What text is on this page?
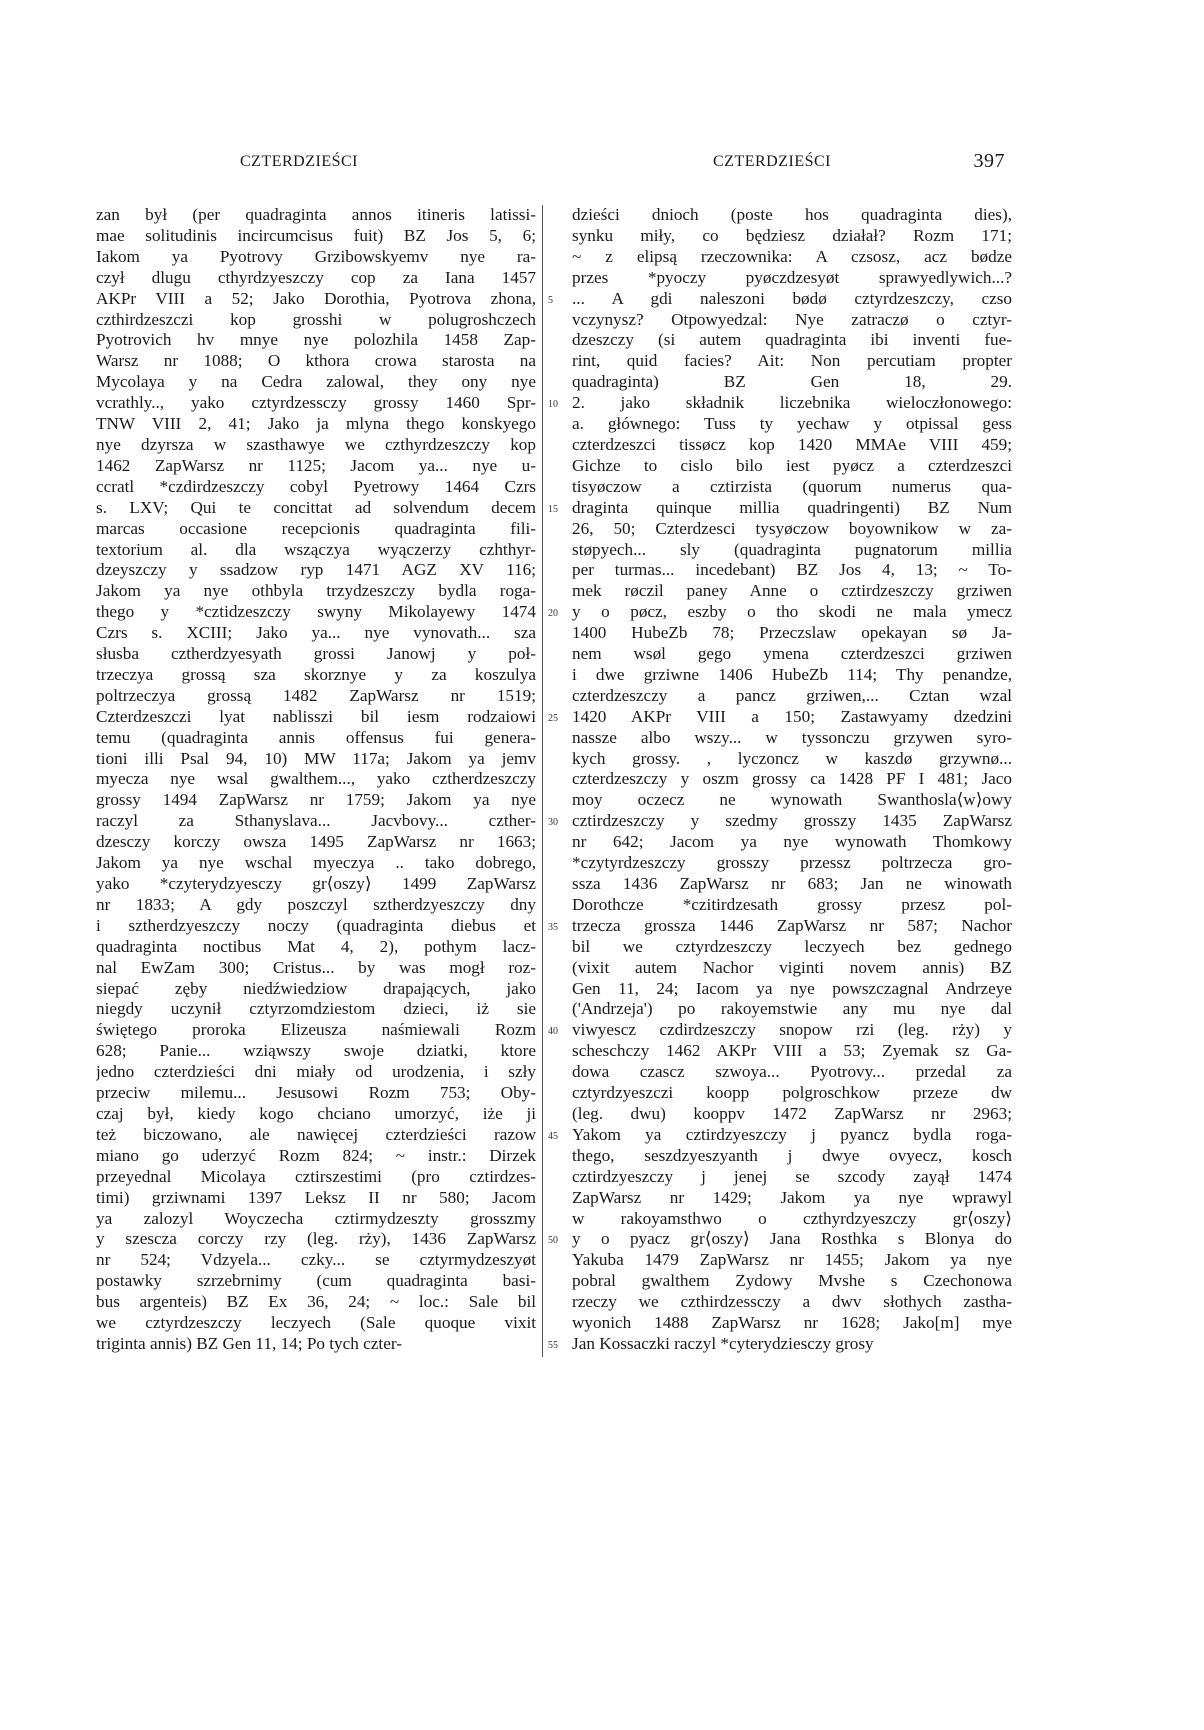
CZTERDZIEŚCI	CZTERDZIEŚCI	397
zan był (per quadraginta annos itineris latissi-
mae solitudinis incircumcisus fuit) BZ Jos 5, 6;
Iakom ya Pyotrovy Grzibowskyemv nye ra-
czył dlugu cthyrdzyeszczy cop za Iana 1457
AKPr VIII a 52; Jako Dorothia, Pyotrova zhona,
czthirdzeszczi kop grosshi w polugroshczech
Pyotrovich hv mnye nye polozhila 1458 Zap-
Warsz nr 1088; O kthora crowa starosta na
Mycolaya y na Cedra zalowal, they ony nye
vcrathly.., yako cztyrdzessczy grossy 1460 Spr-
TNW VIII 2, 41; Jako ja mlyna thego konskyego
nye dzyrsza w szasthawye we czthyrdzeszczy kop
1462 ZapWarsz nr 1125; Jacom ya... nye u-
ccratl *czdirdzeszczy cobyl Pyetrowy 1464 Czrs
s. LXV; Qui te concittat ad solvendum decem
marcas occasione recepcionis quadraginta fili-
textorium al. dla wszączya wyączerzy czhthyr-
dzeyszczy y ssadzow ryp 1471 AGZ XV 116;
Jakom ya nye othbyla trzydzeszczy bydla roga-
thego y *cztidzeszczy swyny Mikolayewy 1474
Czrs s. XCIII; Jako ya... nye vynovath... sza
słusba cztherdzyesyath grossi Janowj y poł-
trzeczya grossą sza skorznye y za koszulya
poltrzeczya grossą 1482 ZapWarsz nr 1519;
Czterdzeszczi lyat nablisszi bil iesm rodzaiowi
temu (quadraginta annis offensus fui genera-
tioni illi Psal 94, 10) MW 117a; Jakom ya jemv
myecza nye wsal gwalthem..., yako cztherdzeszczy
grossy 1494 ZapWarsz nr 1759; Jakom ya nye
raczyl za Sthanyslava... Jacvbovy... czther-
dzesczy korczy owsza 1495 ZapWarsz nr 1663;
Jakom ya nye wschal myeczya .. tako dobrego,
yako *czyterydzyesczy gr⟨oszy⟩ 1499 ZapWarsz
nr 1833; A gdy poszczyl sztherdzyeszczy dny
i sztherdzyeszczy noczy (quadraginta diebus et
quadraginta noctibus Mat 4, 2), pothym lacz-
nal EwZam 300; Cristus... by was mogł roz-
siepać zęby niedźwiedziow drapających, jako
niegdy uczynił cztyrzomdziestom dzieci, iż sie
świętego proroka Elizeusza naśmiewali Rozm
628; Panie... wziąwszy swoje dziatki, ktore
jedno czterdzieści dni miały od urodzenia, i szły
przeciw milemu... Jesusowi Rozm 753; Oby-
czaj był, kiedy kogo chciano umorzyć, iże ji
też biczowano, ale nawięcej czterdzieści razow
miano go uderzyć Rozm 824; ~ instr.: Dirzek
przeyednal Micolaya cztirszestimi (pro cztirdzes-
timi) grziwnami 1397 Leksz II nr 580; Jacom
ya zalozyl Woyczecha cztirmydzeszty grosszmy
y szescza corczy rzy (leg. rży), 1436 ZapWarsz
nr 524; Vdzyela... czky... se cztyrmydzeszyøt
postawky szrzebrnimy (cum quadraginta basi-
bus argenteis) BZ Ex 36, 24; ~ loc.: Sale bil
we cztyrdzeszczy leczyech (Sale quoque vixit
triginta annis) BZ Gen 11, 14; Po tych czter-
5
10
15
20
25
30
35
40
45
50
55
dzieści dnioch (poste hos quadraginta dies),
synku miły, co będziesz działał? Rozm 171;
~ z elipsą rzeczownika: A czsosz, acz bødze
przes *pyoczy pyøczdzesyøt sprawyedlywich...?
... A gdi naleszoni bødø cztyrdzeszczy, czso
vczynysz? Otpowyedzal: Nye zatraczø o cztyr-
dzeszczy (si autem quadraginta ibi inventi fue-
rint, quid facies? Ait: Non percutiam propter
quadraginta) BZ Gen 18, 29.
2. jako składnik liczebnika wieloczłonowego:
a. głównego: Tuss ty yechaw y otpissal gess
czterdzeszci tissøcz kop 1420 MMAe VIII 459;
Gichze to cislo bilo iest pyøcz a czterdzeszci
tisyøczow a cztirzista (quorum numerus qua-
draginta quinque millia quadringenti) BZ Num
26, 50; Czterdzesci tysyøczow boyownikow w za-
støpyech... sly (quadraginta pugnatorum millia
per turmas... incedebant) BZ Jos 4, 13; ~ To-
mek røczil paney Anne o cztirdzeszczy grziwen
y o pøcz, eszby o tho skodi ne mala ymecz
1400 HubeZb 78; Przeczslaw opekayan sø Ja-
nem wsøl gego ymena czterdzeszci grziwen
i dwe grziwne 1406 HubeZb 114; Thy penandze,
czterdzeszczy a pancz grziwen,... Cztan wzal
1420 AKPr VIII a 150; Zastawyamy dzedzini
nassze albo wszy... w tyssonczu grzywen syro-
kych grossy. , lyczoncz w kaszdø grzywnø...
czterdzeszczy y oszm grossy ca 1428 PF I 481; Jaco
moy oczecz ne wynowath Swanthosla⟨w⟩owy
cztirdzeszczy y szedmy grosszy 1435 ZapWarsz
nr 642; Jacom ya nye wynowath Thomkowy
*czytyrdzeszczy grosszy przessz poltrzecza gro-
ssza 1436 ZapWarsz nr 683; Jan ne winowath
Dorothcze *czitirdzesath grossy przesz pol-
trzecza grossza 1446 ZapWarsz nr 587; Nachor
bil we cztyrdzeszczy leczyech bez gednego
(vixit autem Nachor viginti novem annis) BZ
Gen 11, 24; Iacom ya nye powszczagnal Andrzeye
('Andrzeja') po rakoyemstwie any mu nye dal
viwyescz czdirdzeszczy snopow rzi (leg. rży) y
scheschczy 1462 AKPr VIII a 53; Zyemak sz Ga-
dowa czascz szwoya... Pyotrovy... przedal za
cztyrdzyeszczi koopp polgroschkow przeze dw
(leg. dwu) kooppv 1472 ZapWarsz nr 2963;
Yakom ya cztirdzyeszczy j pyancz bydla roga-
thego, seszdzyeszyanth j dwye ovyecz, kosch
cztirdzyeszczy j jenej se szcody zayął 1474
ZapWarsz nr 1429; Jakom ya nye wprawyl
w rakoyamsthwo o czthyrdzyeszczy gr⟨oszy⟩
y o pyacz gr⟨oszy⟩ Jana Rosthka s Blonya do
Yakuba 1479 ZapWarsz nr 1455; Jakom ya nye
pobral gwalthem Zydowy Mvshe s Czechonowa
rzeczy we czthirdzessczy a dwv słothych zastha-
wyonich 1488 ZapWarsz nr 1628; Jako[m] mye
Jan Kossaczki raczyl *cyterydziesczy grosy
